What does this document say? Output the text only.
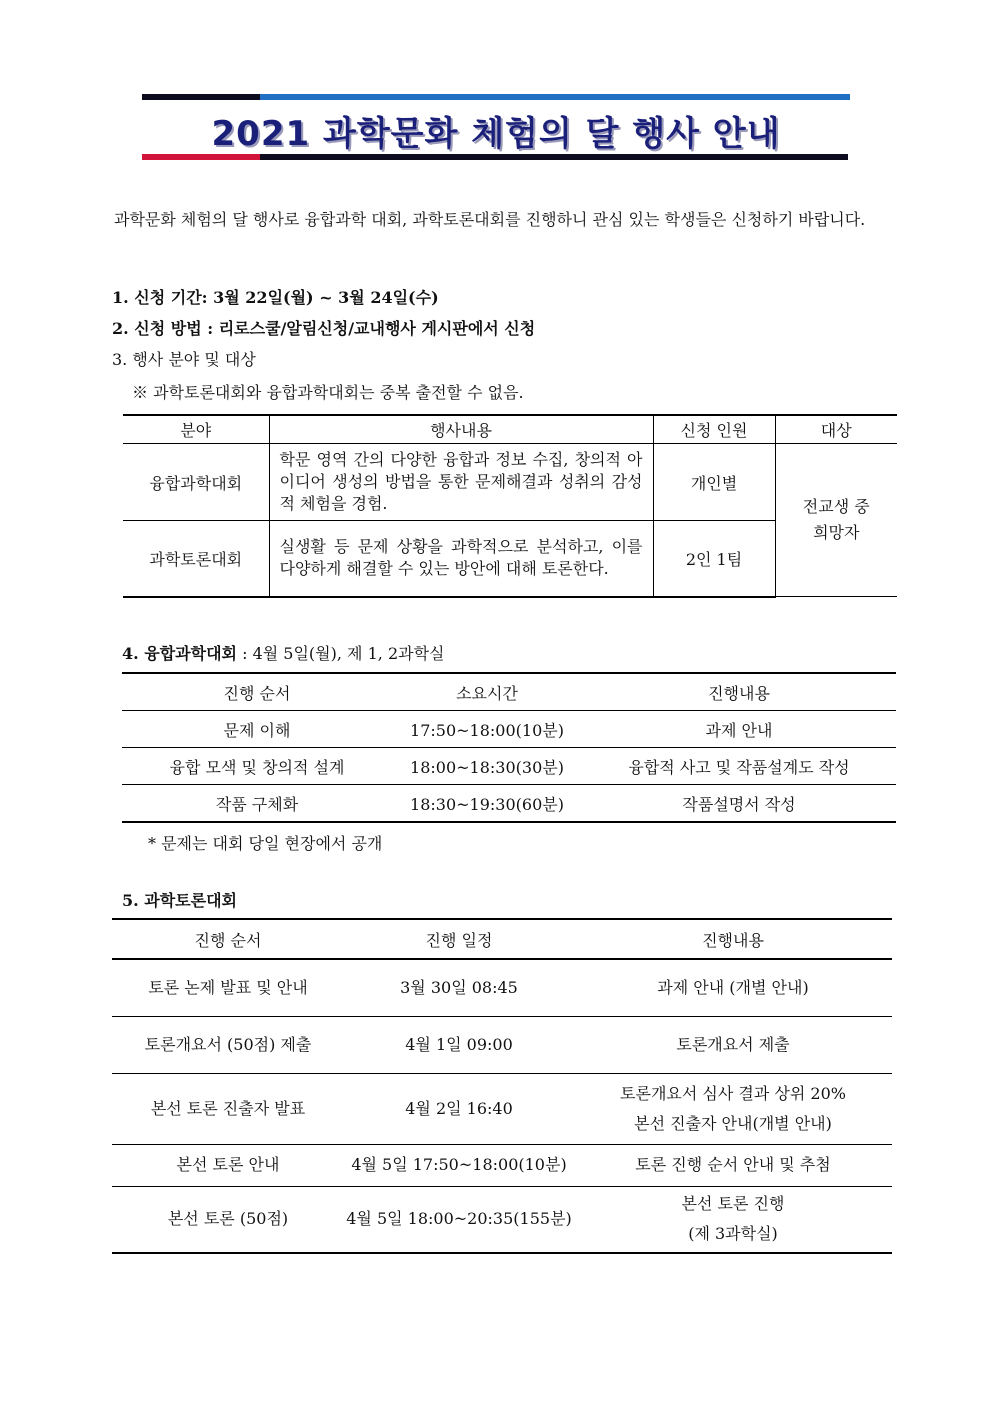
2021 과학문화 체험의 달 행사 안내
과학문화 체험의 달 행사로 융합과학 대회, 과학토론대회를 진행하니 관심 있는 학생들은 신청하기 바랍니다.
1. 신청 기간: 3월 22일(월) ~ 3월 24일(수)
2. 신청 방법 : 리로스쿨/알림신청/교내행사 게시판에서 신청
3. 행사 분야 및 대상
※ 과학토론대회와 융합과학대회는 중복 출전할 수 없음.
분야	행사내용	신청 인원	대상
융합과학대회	학문 영역 간의 다양한 융합과 정보 수집, 창의적 아이디어 생성의 방법을 통한 문제해결과 성취의 감성적 체험을 경험.	개인별	전교생 중
희망자

과학토론대회	실생활 등 문제 상황을 과학적으로 분석하고, 이를 다양하게 해결할 수 있는 방안에 대해 토론한다.	2인 1팀	
4. 융합과학대회 : 4월 5일(월), 제 1, 2과학실
진행 순서	소요시간	진행내용
문제 이해	17:50~18:00(10분)	과제 안내
융합 모색 및 창의적 설계	18:00~18:30(30분)	융합적 사고 및 작품설계도 작성
작품 구체화	18:30~19:30(60분)	작품설명서 작성
* 문제는 대회 당일 현장에서 공개
5. 과학토론대회
진행 순서	진행 일정	진행내용
토론 논제 발표 및 안내	3월 30일 08:45	과제 안내 (개별 안내)

토론개요서 (50점) 제출	4월 1일 09:00	토론개요서 제출

본선 토론 진출자 발표	4월 2일 16:40	토론개요서 심사 결과 상위 20%
본선 진출자 안내(개별 안내)

본선 토론 안내	4월 5일 17:50~18:00(10분)	토론 진행 순서 안내 및 추첨

본선 토론 (50점)	4월 5일 18:00~20:35(155분)	본선 토론 진행
(제 3과학실)
